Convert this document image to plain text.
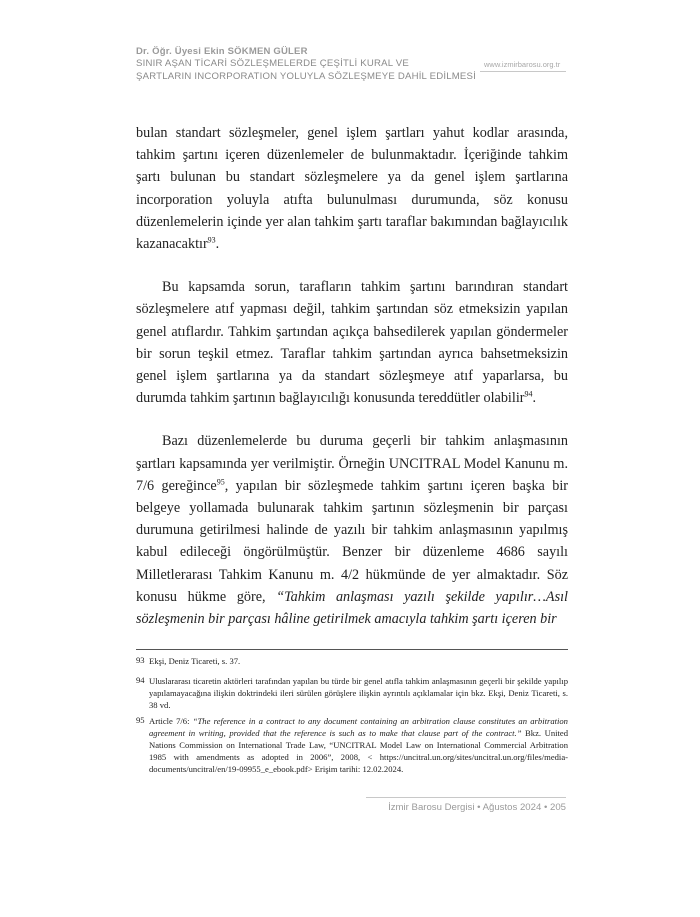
Dr. Öğr. Üyesi Ekin SÖKMEN GÜLER
SINIR AŞAN TİCARİ SÖZLEŞMELERDE ÇEŞİTLİ KURAL VE
ŞARTLARIN INCORPORATION YOLUYLA SÖZLEŞMEYE DAHİL EDİLMESİ
www.izmirbarosu.org.tr

bulan standart sözleşmeler, genel işlem şartları yahut kodlar arasında, tahkim şartını içeren düzenlemeler de bulunmaktadır. İçeriğinde tahkim şartı bulunan bu standart sözleşmelere ya da genel işlem şartlarına incorporation yoluyla atıfta bulunulması durumunda, söz konusu düzenlemelerin içinde yer alan tahkim şartı taraflar bakımından bağlayıcılık kazanacaktır$^{93}$.

Bu kapsamda sorun, tarafların tahkim şartını barındıran standart sözleşmelere atıf yapması değil, tahkim şartından söz etmeksizin yapılan genel atıflardır. Tahkim şartından açıkça bahsedilerek yapılan göndermeler bir sorun teşkil etmez. Taraflar tahkim şartından ayrıca bahsetmeksizin genel işlem şartlarına ya da standart sözleşmeye atıf yaparlarsa, bu durumda tahkim şartının bağlayıcılığı konusunda tereddütler olabilir$^{94}$.

Bazı düzenlemelerde bu duruma geçerli bir tahkim anlaşmasının şartları kapsamında yer verilmiştir. Örneğin UNCITRAL Model Kanunu m. 7/6 gereğince$^{95}$, yapılan bir sözleşmede tahkim şartını içeren başka bir belgeye yollamada bulunarak tahkim şartının sözleşmenin bir parçası durumuna getirilmesi halinde de yazılı bir tahkim anlaşmasının yapılmış kabul edileceği öngörülmüştür. Benzer bir düzenleme 4686 sayılı Milletlerarası Tahkim Kanunu m. 4/2 hükmünde de yer almaktadır. Söz konusu hükme göre, “Tahkim anlaşması yazılı şekilde yapılır…Asıl sözleşmenin bir parçası hâline getirilmek amacıyla tahkim şartı içeren bir

$^{93}$ Ekşi, Deniz Ticareti, s. 37.
$^{94}$ Uluslararası ticaretin aktörleri tarafından yapılan bu türde bir genel atıfla tahkim anlaşmasının geçerli bir şekilde yapılıp yapılamayacağına ilişkin doktrindeki ileri sürülen görüşlere ilişkin ayrıntılı açıklamalar için bkz. Ekşi, Deniz Ticareti, s. 38 vd.
$^{95}$ Article 7/6: “The reference in a contract to any document containing an arbitration clause constitutes an arbitration agreement in writing, provided that the reference is such as to make that clause part of the contract.” Bkz. United Nations Commission on International Trade Law, “UNCITRAL Model Law on International Commercial Arbitration 1985 with amendments as adopted in 2006”, 2008, < https://uncitral.un.org/sites/uncitral.un.org/files/media-documents/uncitral/en/19-09955_e_ebook.pdf> Erişim tarihi: 12.02.2024.
İzmir Barosu Dergisi • Ağustos 2024 • 205
